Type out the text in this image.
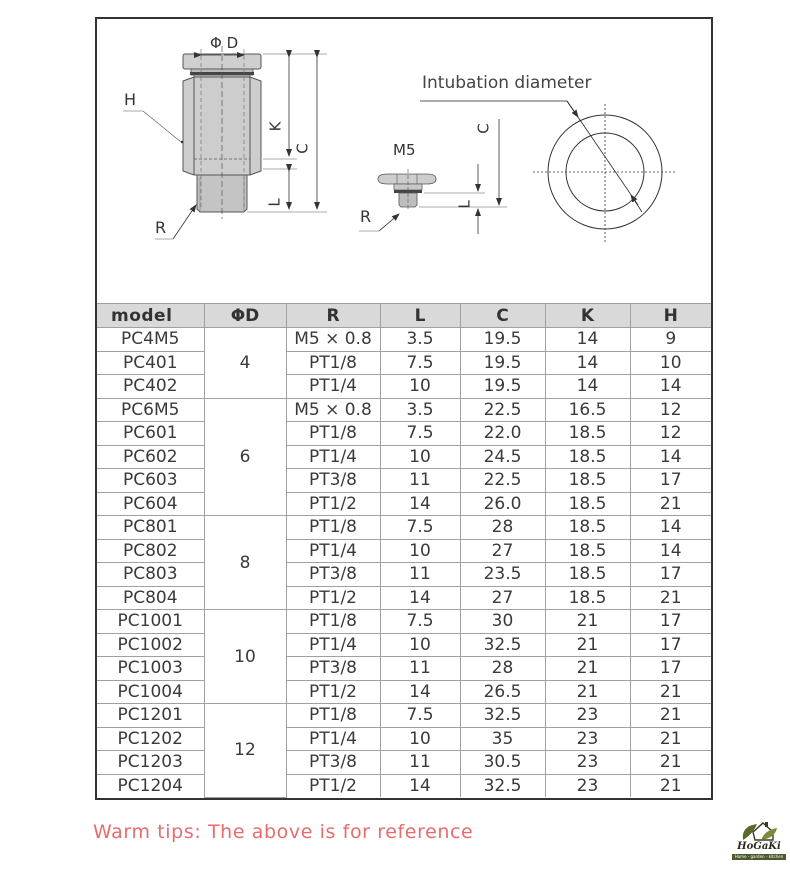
Φ D
H
K
C
L
R
M5
R
C
L
Intubation diameter
model	ΦD	R	L	C	K	H
PC4M5	4	M5 × 0.8	3.5	19.5	14	9
PC401		PT1/8	7.5	19.5	14	10
PC402		PT1/4	10	19.5	14	14
PC6M5	6	M5 × 0.8	3.5	22.5	16.5	12
PC601		PT1/8	7.5	22.0	18.5	12
PC602		PT1/4	10	24.5	18.5	14
PC603		PT3/8	11	22.5	18.5	17
PC604		PT1/2	14	26.0	18.5	21
PC801	8	PT1/8	7.5	28	18.5	14
PC802		PT1/4	10	27	18.5	14
PC803		PT3/8	11	23.5	18.5	17
PC804		PT1/2	14	27	18.5	21
PC1001	10	PT1/8	7.5	30	21	17
PC1002		PT1/4	10	32.5	21	17
PC1003		PT3/8	11	28	21	17
PC1004		PT1/2	14	26.5	21	21
PC1201	12	PT1/8	7.5	32.5	23	21
PC1202		PT1/4	10	35	23	21
PC1203		PT3/8	11	30.5	23	21
PC1204		PT1/2	14	32.5	23	21
Warm tips: The above is for reference
HoGaKi
Home - garden - kitchen
